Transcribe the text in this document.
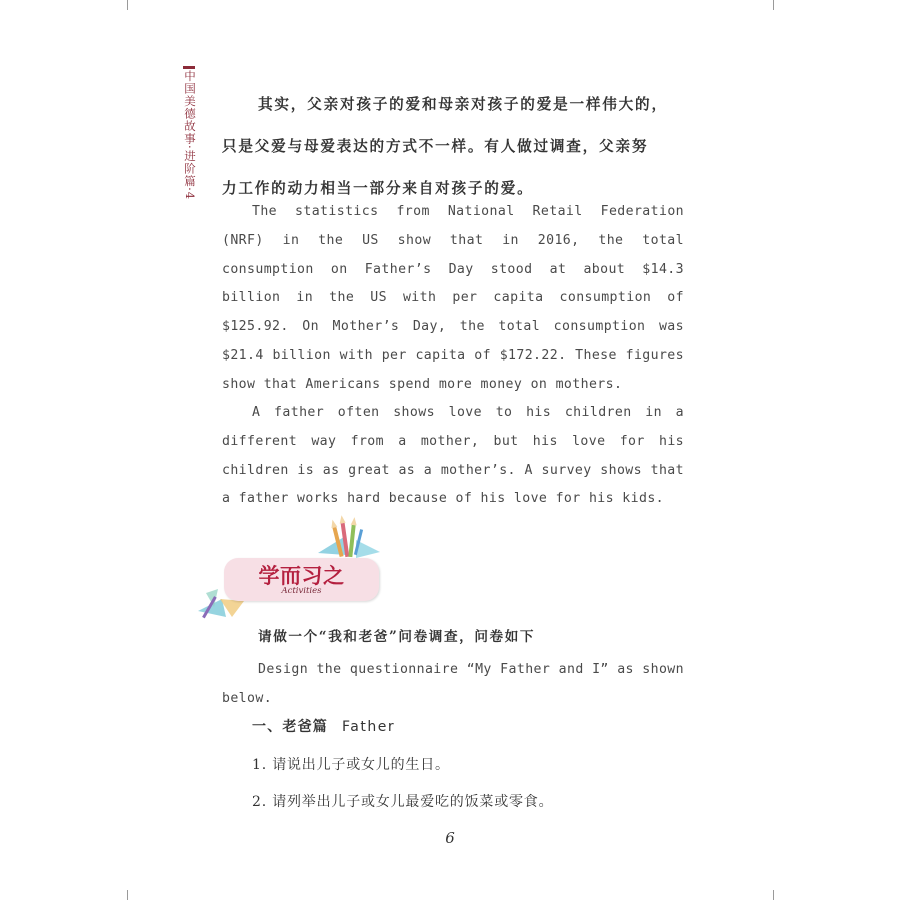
中国美德故事·进阶篇·4	其实，父亲对孩子的爱和母亲对孩子的爱是一样伟大的，
只是父爱与母爱表达的方式不一样。有人做过调查，父亲努
力工作的动力相当一部分来自对孩子的爱。

The statistics from National Retail Federation (NRF) in the US show that in 2016, the total consumption on Father’s Day stood at about $14.3 billion in the US with per capita consumption of $125.92. On Mother’s Day, the total consumption was $21.4 billion with per capita of $172.22. These figures show that Americans spend more money on mothers.

A father often shows love to his children in a different way from a mother, but his love for his children is as great as a mother’s. A survey shows that a father works hard because of his love for his kids.

学而习之
Activities

请做一个“我和老爸”问卷调查，问卷如下

Design the questionnaire “My Father and I” as shown below.

一、老爸篇 Father

1. 请说出儿子或女儿的生日。

2. 请列举出儿子或女儿最爱吃的饭菜或零食。

6
